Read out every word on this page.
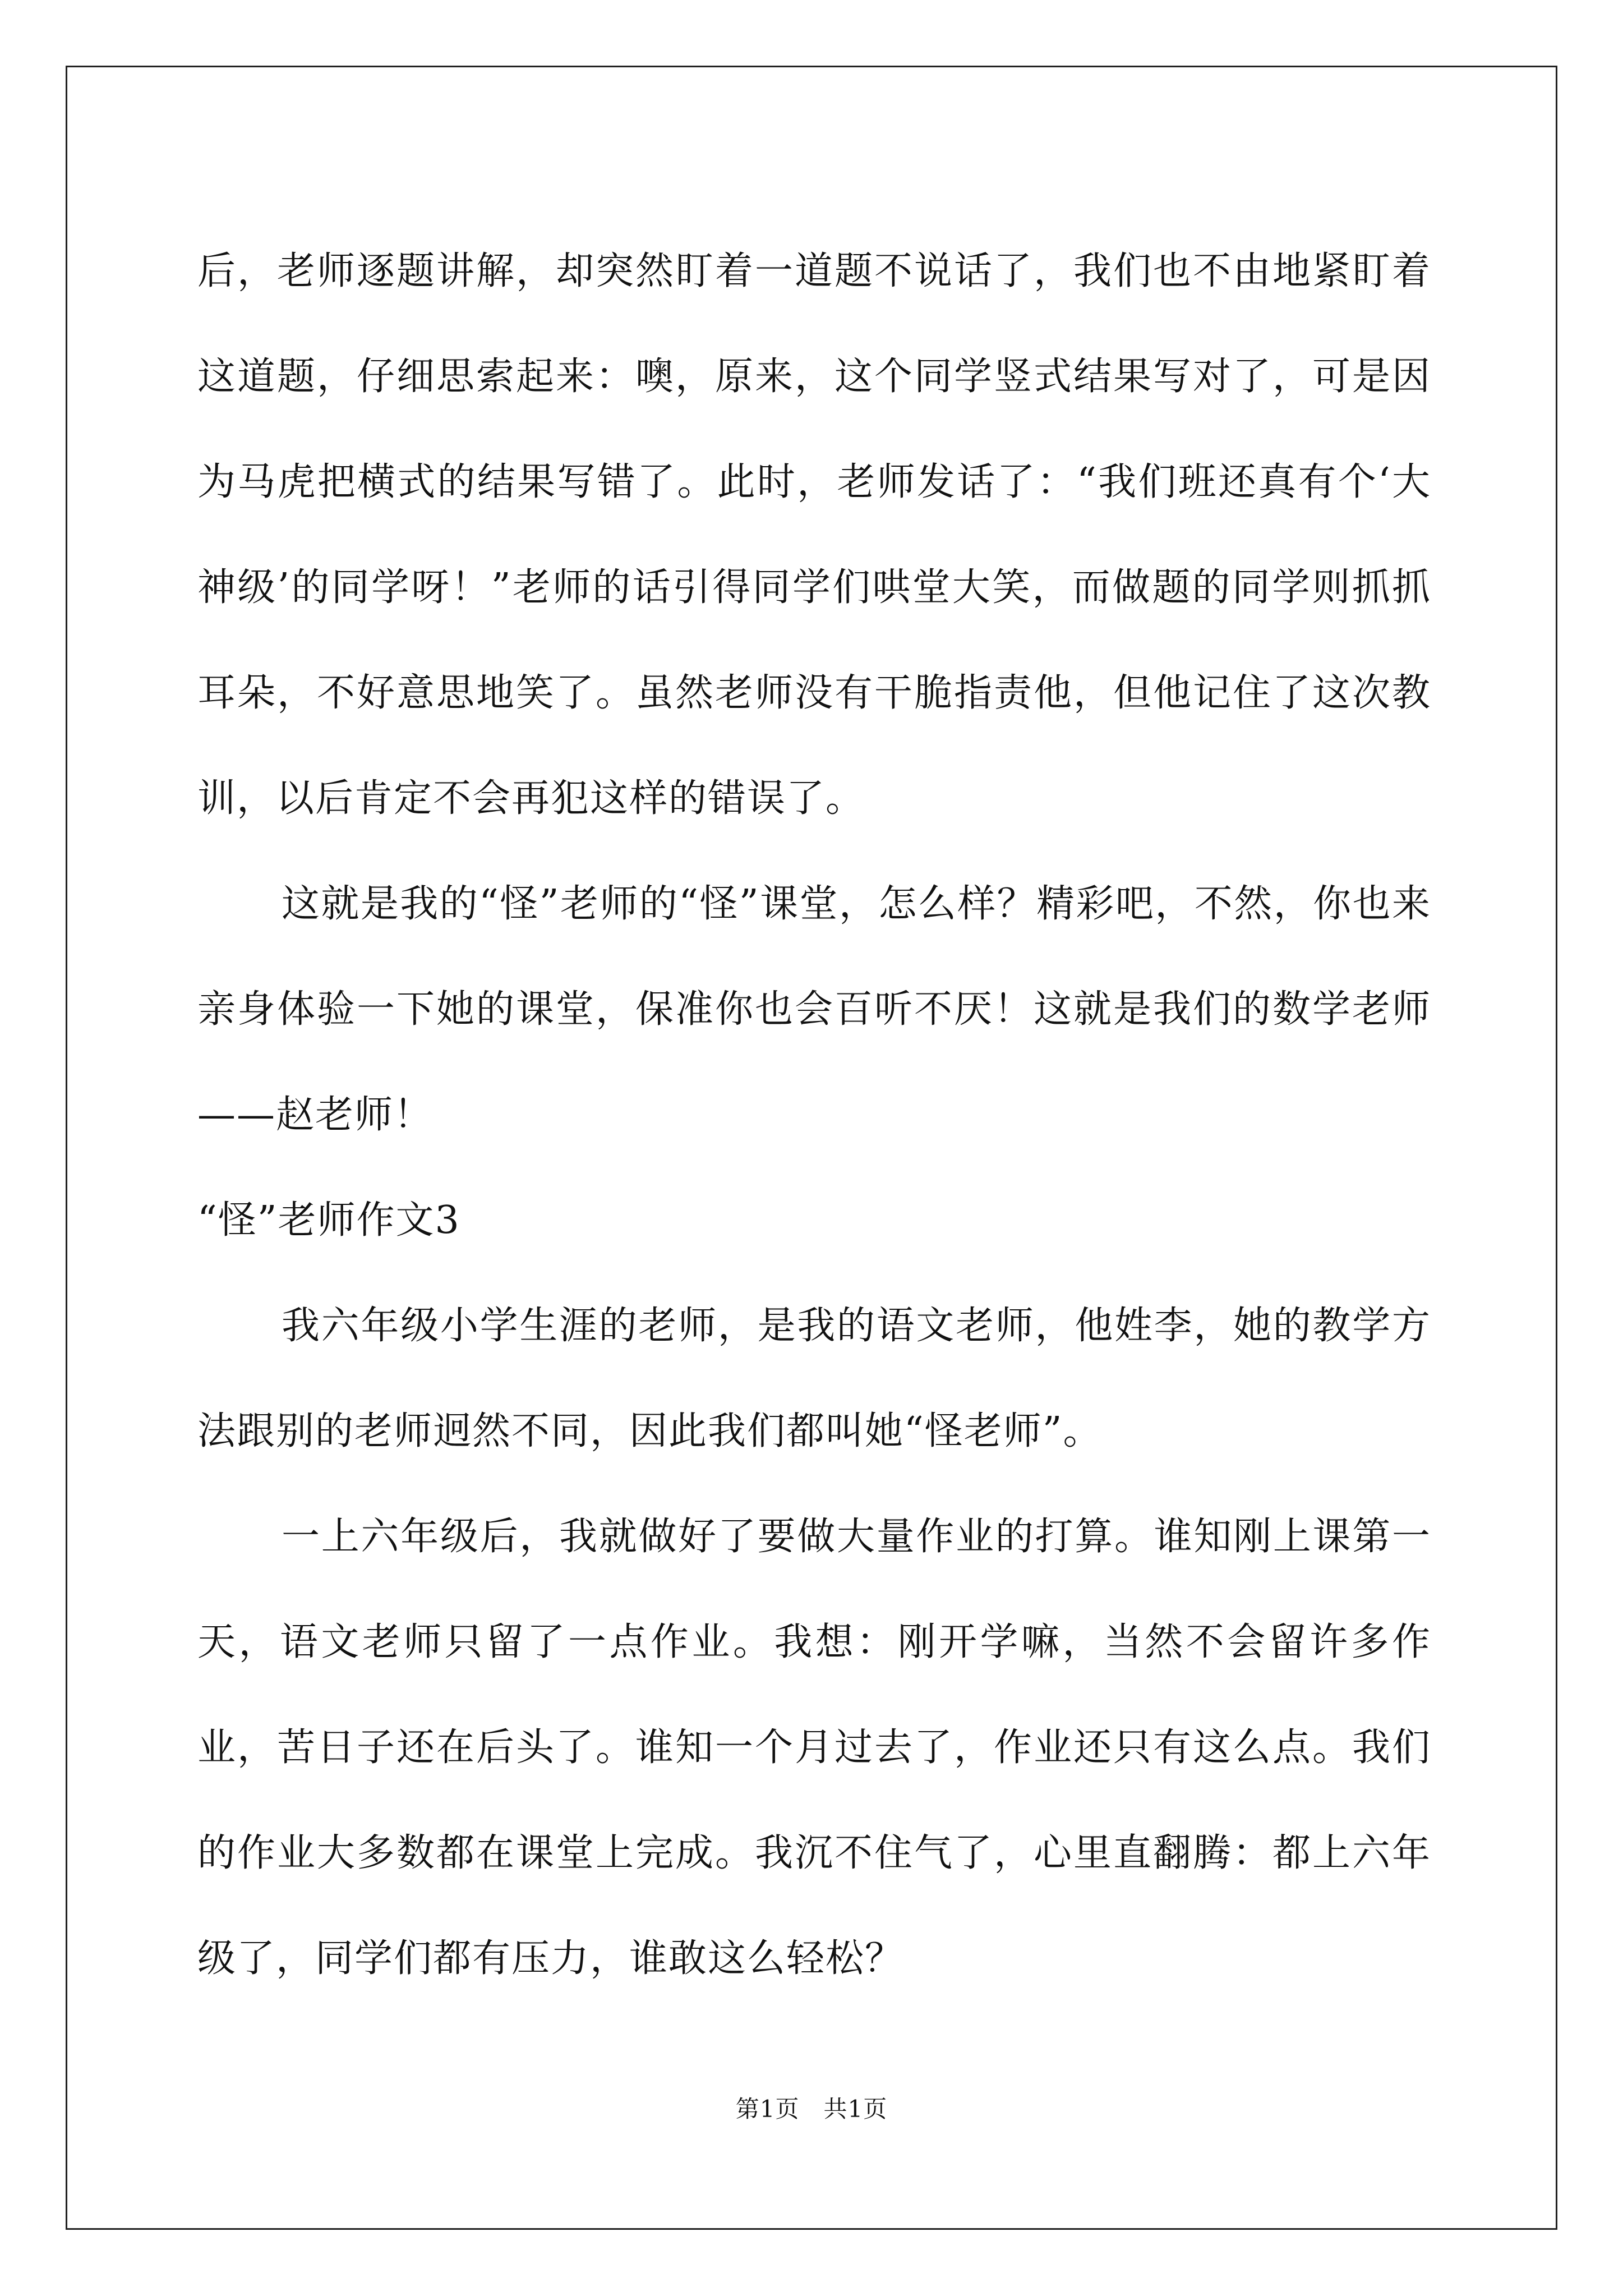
后，老师逐题讲解，却突然盯着一道题不说话了，我们也不由地紧盯着这道题，仔细思索起来：噢，原来，这个同学竖式结果写对了，可是因为马虎把横式的结果写错了。此时，老师发话了：“我们班还真有个‘大神级’的同学呀！”老师的话引得同学们哄堂大笑，而做题的同学则抓抓耳朵，不好意思地笑了。虽然老师没有干脆指责他，但他记住了这次教训，以后肯定不会再犯这样的错误了。

这就是我的“怪”老师的“怪”课堂，怎么样？精彩吧，不然，你也来亲身体验一下她的课堂，保准你也会百听不厌！这就是我们的数学老师——赵老师！

“怪”老师作文3

我六年级小学生涯的老师，是我的语文老师，他姓李，她的教学方法跟别的老师迥然不同，因此我们都叫她“怪老师”。

一上六年级后，我就做好了要做大量作业的打算。谁知刚上课第一天，语文老师只留了一点作业。我想：刚开学嘛，当然不会留许多作业，苦日子还在后头了。谁知一个月过去了，作业还只有这么点。我们的作业大多数都在课堂上完成。我沉不住气了，心里直翻腾：都上六年级了，同学们都有压力，谁敢这么轻松？

第1页 共1页
